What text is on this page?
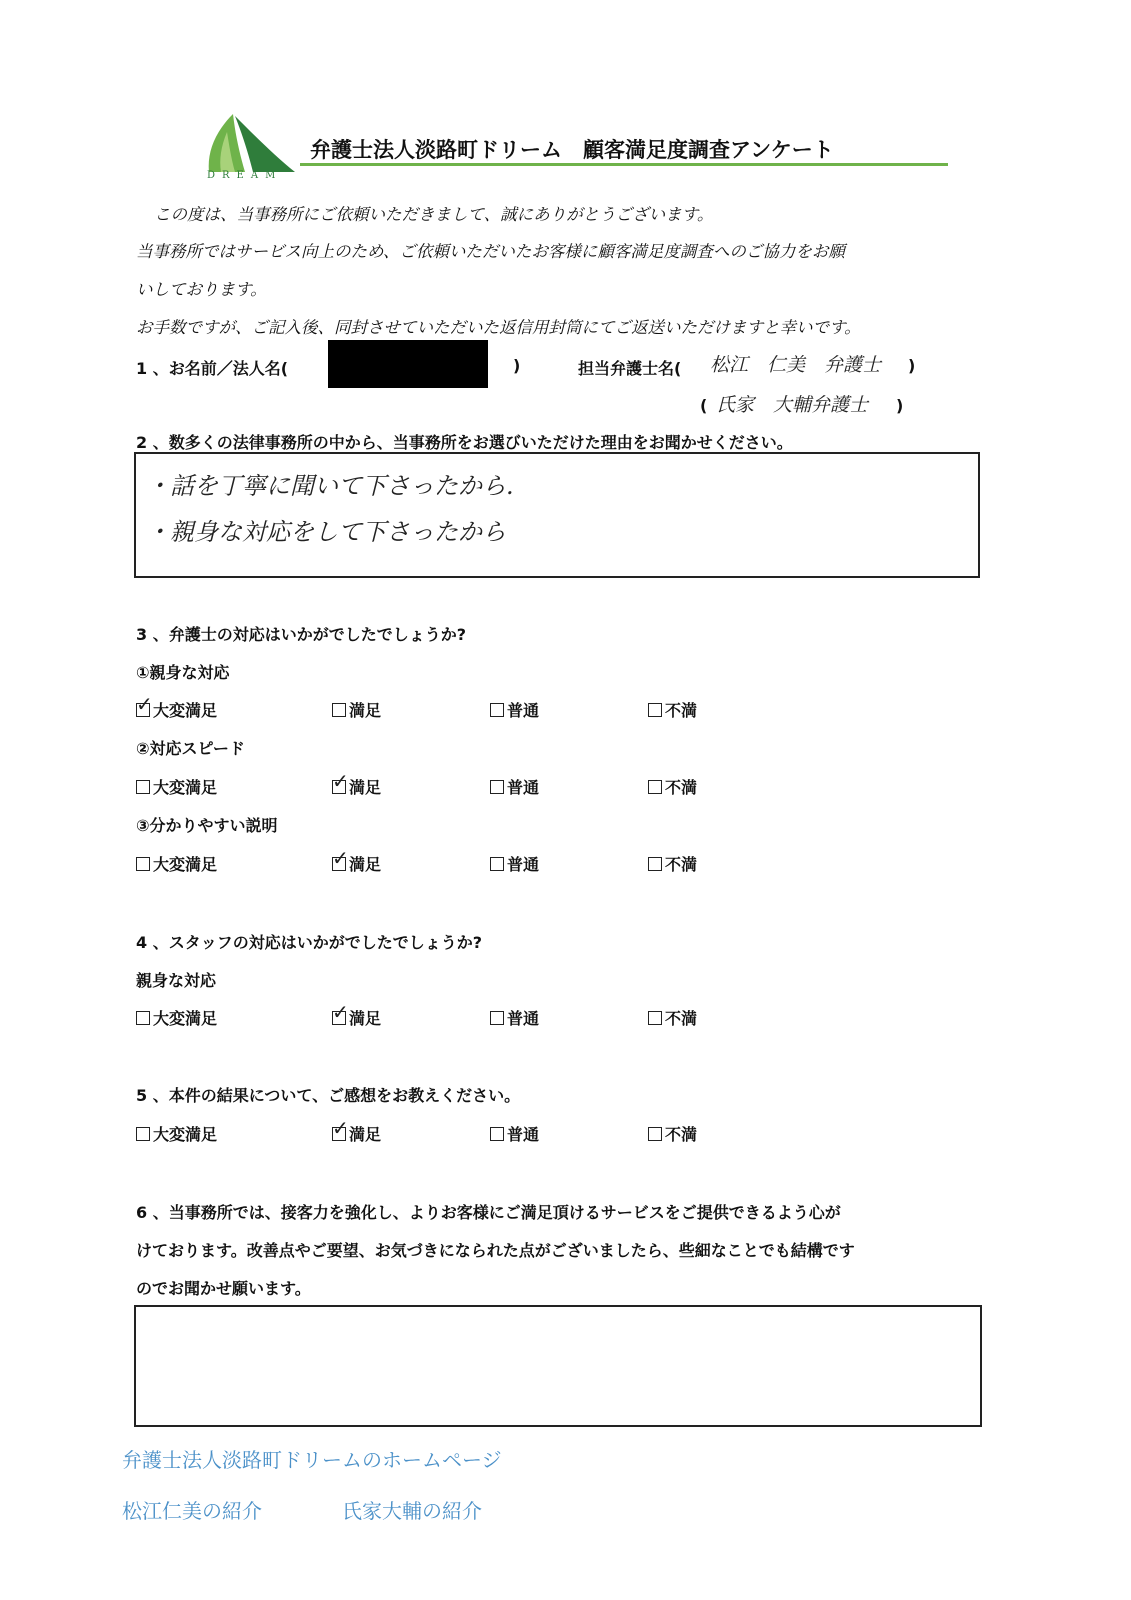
DREAM
弁護士法人淡路町ドリーム　顧客満足度調査アンケート
この度は、当事務所にご依頼いただきまして、誠にありがとうございます。
当事務所ではサービス向上のため、ご依頼いただいたお客様に顧客満足度調査へのご協力をお願
いしております。
お手数ですが、ご記入後、同封させていただいた返信用封筒にてご返送いただけますと幸いです。
1 、お名前／法人名(	)	担当弁護士名( 松江　仁美　弁護士 )
( 氏家　大輔弁護士 )
2 、数多くの法律事務所の中から、当事務所をお選びいただけた理由をお聞かせください。
・話を丁寧に聞いて下さったから.
・親身な対応をして下さったから
3 、弁護士の対応はいかがでしたでしょうか?
①親身な対応
✓ 大変満足	満足	普通	不満
②対応スピード
大変満足	✓ 満足	普通	不満
③分かりやすい説明
大変満足	✓ 満足	普通	不満
4 、スタッフの対応はいかがでしたでしょうか?
親身な対応
大変満足	✓ 満足	普通	不満
5 、本件の結果について、ご感想をお教えください。
大変満足	✓ 満足	普通	不満
6 、当事務所では、接客力を強化し、よりお客様にご満足頂けるサービスをご提供できるよう心が
けております。改善点やご要望、お気づきになられた点がございましたら、些細なことでも結構です
のでお聞かせ願います。
弁護士法人淡路町ドリームのホームページ
松江仁美の紹介	氏家大輔の紹介
